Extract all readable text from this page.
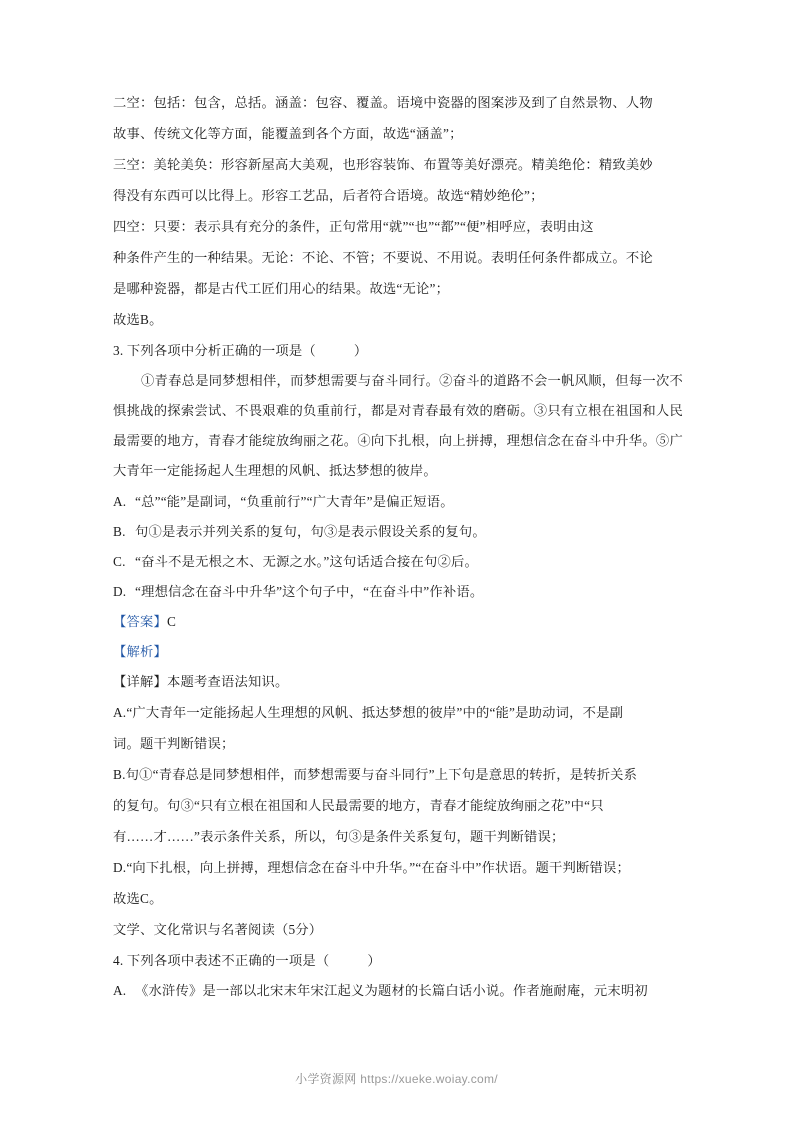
二空：包括：包含，总括。涵盖：包容、覆盖。语境中瓷器的图案涉及到了自然景物、人物

故事、传统文化等方面，能覆盖到各个方面，故选“涵盖”；

三空：美轮美奂：形容新屋高大美观，也形容装饰、布置等美好漂亮。精美绝伦：精致美妙

得没有东西可以比得上。形容工艺品，后者符合语境。故选“精妙绝伦”；

四空：只要：表示具有充分的条件，正句常用“就”“也”“都”“便”相呼应，表明由这

种条件产生的一种结果。无论：不论、不管；不要说、不用说。表明任何条件都成立。不论

是哪种瓷器，都是古代工匠们用心的结果。故选“无论”；

故选B。

3. 下列各项中分析正确的一项是（	）

①青春总是同梦想相伴，而梦想需要与奋斗同行。②奋斗的道路不会一帆风顺，但每一次不惧挑战的探索尝试、不畏艰难的负重前行，都是对青春最有效的磨砺。③只有立根在祖国和人民最需要的地方，青春才能绽放绚丽之花。④向下扎根，向上拼搏，理想信念在奋斗中升华。⑤广大青年一定能扬起人生理想的风帆、抵达梦想的彼岸。

A. “总”“能”是副词，“负重前行”“广大青年”是偏正短语。

B. 句①是表示并列关系的复句，句③是表示假设关系的复句。

C. “奋斗不是无根之木、无源之水。”这句话适合接在句②后。

D. “理想信念在奋斗中升华”这个句子中，“在奋斗中”作补语。

【答案】C

【解析】

【详解】本题考查语法知识。

A.“广大青年一定能扬起人生理想的风帆、抵达梦想的彼岸”中的“能”是助动词，不是副

词。题干判断错误；

B.句①“青春总是同梦想相伴，而梦想需要与奋斗同行”上下句是意思的转折，是转折关系

的复句。句③“只有立根在祖国和人民最需要的地方，青春才能绽放绚丽之花”中“只

有……才……”表示条件关系，所以，句③是条件关系复句，题干判断错误；

D.“向下扎根，向上拼搏，理想信念在奋斗中升华。”“在奋斗中”作状语。题干判断错误；

故选C。

文学、文化常识与名著阅读（5分）

4. 下列各项中表述不正确的一项是（	）

A. 《水浒传》是一部以北宋末年宋江起义为题材的长篇白话小说。作者施耐庵，元末明初

小学资源网 https://xueke.woiay.com/
